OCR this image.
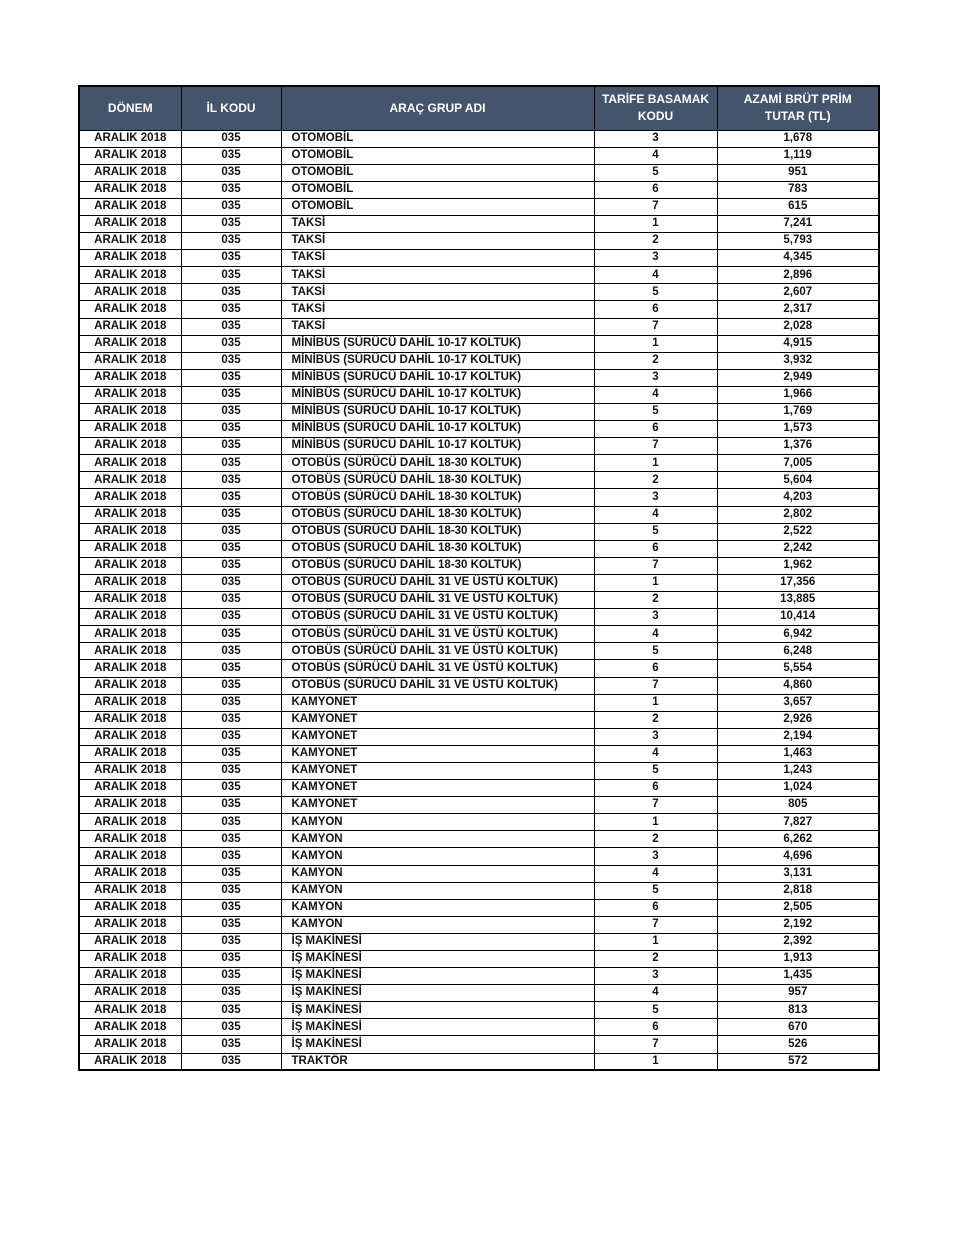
DÖNEM	İL KODU	ARAÇ GRUP ADI	TARİFE BASAMAK KODU	AZAMİ BRÜT PRİM TUTAR (TL)
ARALIK 2018	035	OTOMOBİL	3	1,678
ARALIK 2018	035	OTOMOBİL	4	1,119
ARALIK 2018	035	OTOMOBİL	5	951
ARALIK 2018	035	OTOMOBİL	6	783
ARALIK 2018	035	OTOMOBİL	7	615
ARALIK 2018	035	TAKSİ	1	7,241
ARALIK 2018	035	TAKSİ	2	5,793
ARALIK 2018	035	TAKSİ	3	4,345
ARALIK 2018	035	TAKSİ	4	2,896
ARALIK 2018	035	TAKSİ	5	2,607
ARALIK 2018	035	TAKSİ	6	2,317
ARALIK 2018	035	TAKSİ	7	2,028
ARALIK 2018	035	MİNİBÜS (SÜRÜCÜ DAHİL 10-17 KOLTUK)	1	4,915
ARALIK 2018	035	MİNİBÜS (SÜRÜCÜ DAHİL 10-17 KOLTUK)	2	3,932
ARALIK 2018	035	MİNİBÜS (SÜRÜCÜ DAHİL 10-17 KOLTUK)	3	2,949
ARALIK 2018	035	MİNİBÜS (SÜRÜCÜ DAHİL 10-17 KOLTUK)	4	1,966
ARALIK 2018	035	MİNİBÜS (SÜRÜCÜ DAHİL 10-17 KOLTUK)	5	1,769
ARALIK 2018	035	MİNİBÜS (SÜRÜCÜ DAHİL 10-17 KOLTUK)	6	1,573
ARALIK 2018	035	MİNİBÜS (SÜRÜCÜ DAHİL 10-17 KOLTUK)	7	1,376
ARALIK 2018	035	OTOBÜS (SÜRÜCÜ DAHİL 18-30 KOLTUK)	1	7,005
ARALIK 2018	035	OTOBÜS (SÜRÜCÜ DAHİL 18-30 KOLTUK)	2	5,604
ARALIK 2018	035	OTOBÜS (SÜRÜCÜ DAHİL 18-30 KOLTUK)	3	4,203
ARALIK 2018	035	OTOBÜS (SÜRÜCÜ DAHİL 18-30 KOLTUK)	4	2,802
ARALIK 2018	035	OTOBÜS (SÜRÜCÜ DAHİL 18-30 KOLTUK)	5	2,522
ARALIK 2018	035	OTOBÜS (SÜRÜCÜ DAHİL 18-30 KOLTUK)	6	2,242
ARALIK 2018	035	OTOBÜS (SÜRÜCÜ DAHİL 18-30 KOLTUK)	7	1,962
ARALIK 2018	035	OTOBÜS (SÜRÜCÜ DAHİL 31 VE ÜSTÜ KOLTUK)	1	17,356
ARALIK 2018	035	OTOBÜS (SÜRÜCÜ DAHİL 31 VE ÜSTÜ KOLTUK)	2	13,885
ARALIK 2018	035	OTOBÜS (SÜRÜCÜ DAHİL 31 VE ÜSTÜ KOLTUK)	3	10,414
ARALIK 2018	035	OTOBÜS (SÜRÜCÜ DAHİL 31 VE ÜSTÜ KOLTUK)	4	6,942
ARALIK 2018	035	OTOBÜS (SÜRÜCÜ DAHİL 31 VE ÜSTÜ KOLTUK)	5	6,248
ARALIK 2018	035	OTOBÜS (SÜRÜCÜ DAHİL 31 VE ÜSTÜ KOLTUK)	6	5,554
ARALIK 2018	035	OTOBÜS (SÜRÜCÜ DAHİL 31 VE ÜSTÜ KOLTUK)	7	4,860
ARALIK 2018	035	KAMYONET	1	3,657
ARALIK 2018	035	KAMYONET	2	2,926
ARALIK 2018	035	KAMYONET	3	2,194
ARALIK 2018	035	KAMYONET	4	1,463
ARALIK 2018	035	KAMYONET	5	1,243
ARALIK 2018	035	KAMYONET	6	1,024
ARALIK 2018	035	KAMYONET	7	805
ARALIK 2018	035	KAMYON	1	7,827
ARALIK 2018	035	KAMYON	2	6,262
ARALIK 2018	035	KAMYON	3	4,696
ARALIK 2018	035	KAMYON	4	3,131
ARALIK 2018	035	KAMYON	5	2,818
ARALIK 2018	035	KAMYON	6	2,505
ARALIK 2018	035	KAMYON	7	2,192
ARALIK 2018	035	İŞ MAKİNESİ	1	2,392
ARALIK 2018	035	İŞ MAKİNESİ	2	1,913
ARALIK 2018	035	İŞ MAKİNESİ	3	1,435
ARALIK 2018	035	İŞ MAKİNESİ	4	957
ARALIK 2018	035	İŞ MAKİNESİ	5	813
ARALIK 2018	035	İŞ MAKİNESİ	6	670
ARALIK 2018	035	İŞ MAKİNESİ	7	526
ARALIK 2018	035	TRAKTÖR	1	572
